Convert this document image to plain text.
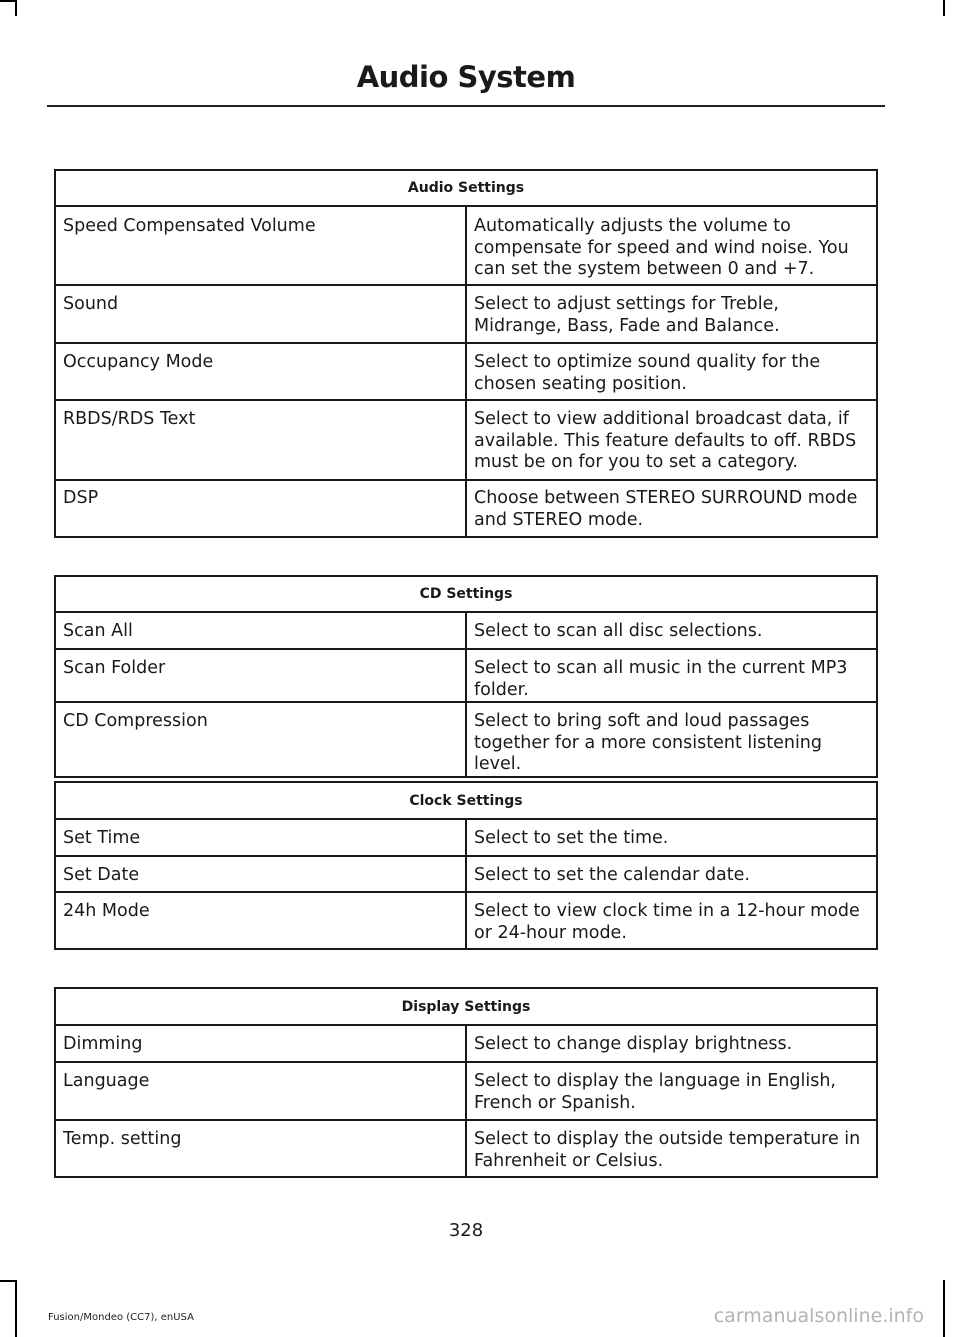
Audio System
Audio Settings	
Speed Compensated Volume	Automatically adjusts the volume to compensate for speed and wind noise. You can set the system between 0 and +7.
Sound	Select to adjust settings for Treble, Midrange, Bass, Fade and Balance.
Occupancy Mode	Select to optimize sound quality for the chosen seating position.
RBDS/RDS Text	Select to view additional broadcast data, if available. This feature defaults to off. RBDS must be on for you to set a category.
DSP	Choose between STEREO SURROUND mode and STEREO mode.
CD Settings	
Scan All	Select to scan all disc selections.
Scan Folder	Select to scan all music in the current MP3 folder.
CD Compression	Select to bring soft and loud passages together for a more consistent listening level.
Clock Settings	
Set Time	Select to set the time.
Set Date	Select to set the calendar date.
24h Mode	Select to view clock time in a 12-hour mode or 24-hour mode.
Display Settings	
Dimming	Select to change display brightness.
Language	Select to display the language in English, French or Spanish.
Temp. setting	Select to display the outside temperature in Fahrenheit or Celsius.
328
Fusion/Mondeo (CC7), enUSA	carmanualsonline.info
